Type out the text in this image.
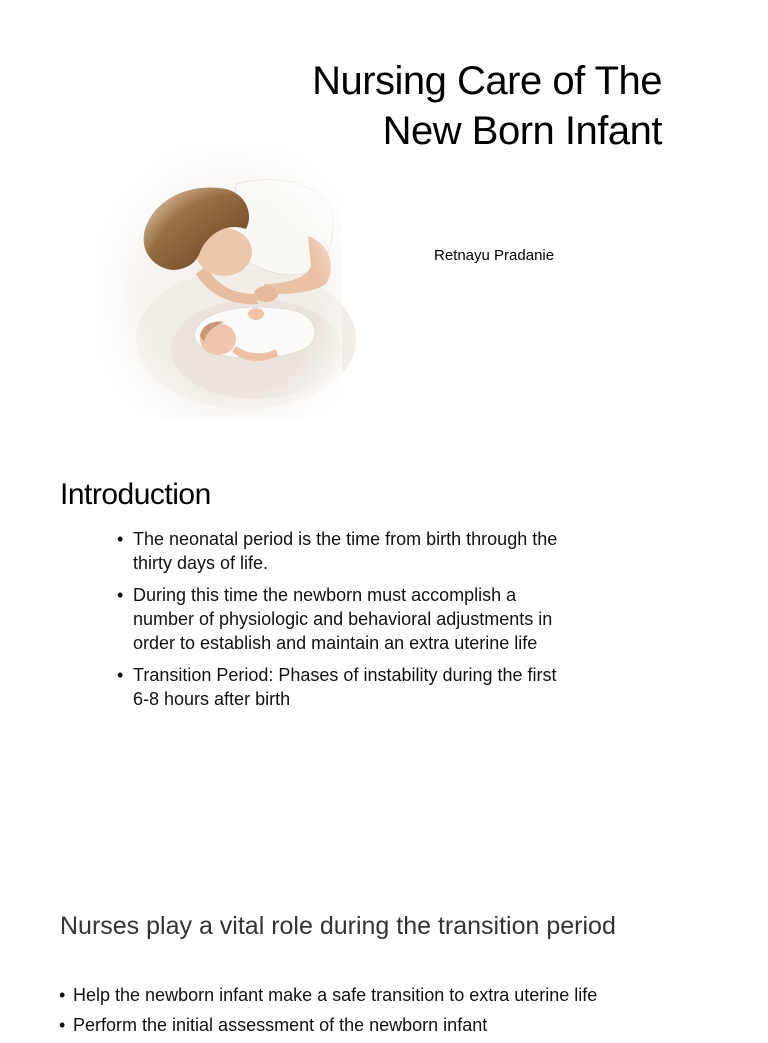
Nursing Care of The
New Born Infant
Retnayu Pradanie
Introduction
• The neonatal period is the time from birth through the thirty days of life.
• During this time the newborn must accomplish a number of physiologic and behavioral adjustments in order to establish and maintain an extra uterine life
• Transition Period: Phases of instability during the first 6-8 hours after birth
Nurses play a vital role during the transition period
• Help the newborn infant make a safe transition to extra uterine life
• Perform the initial assessment of the newborn infant
